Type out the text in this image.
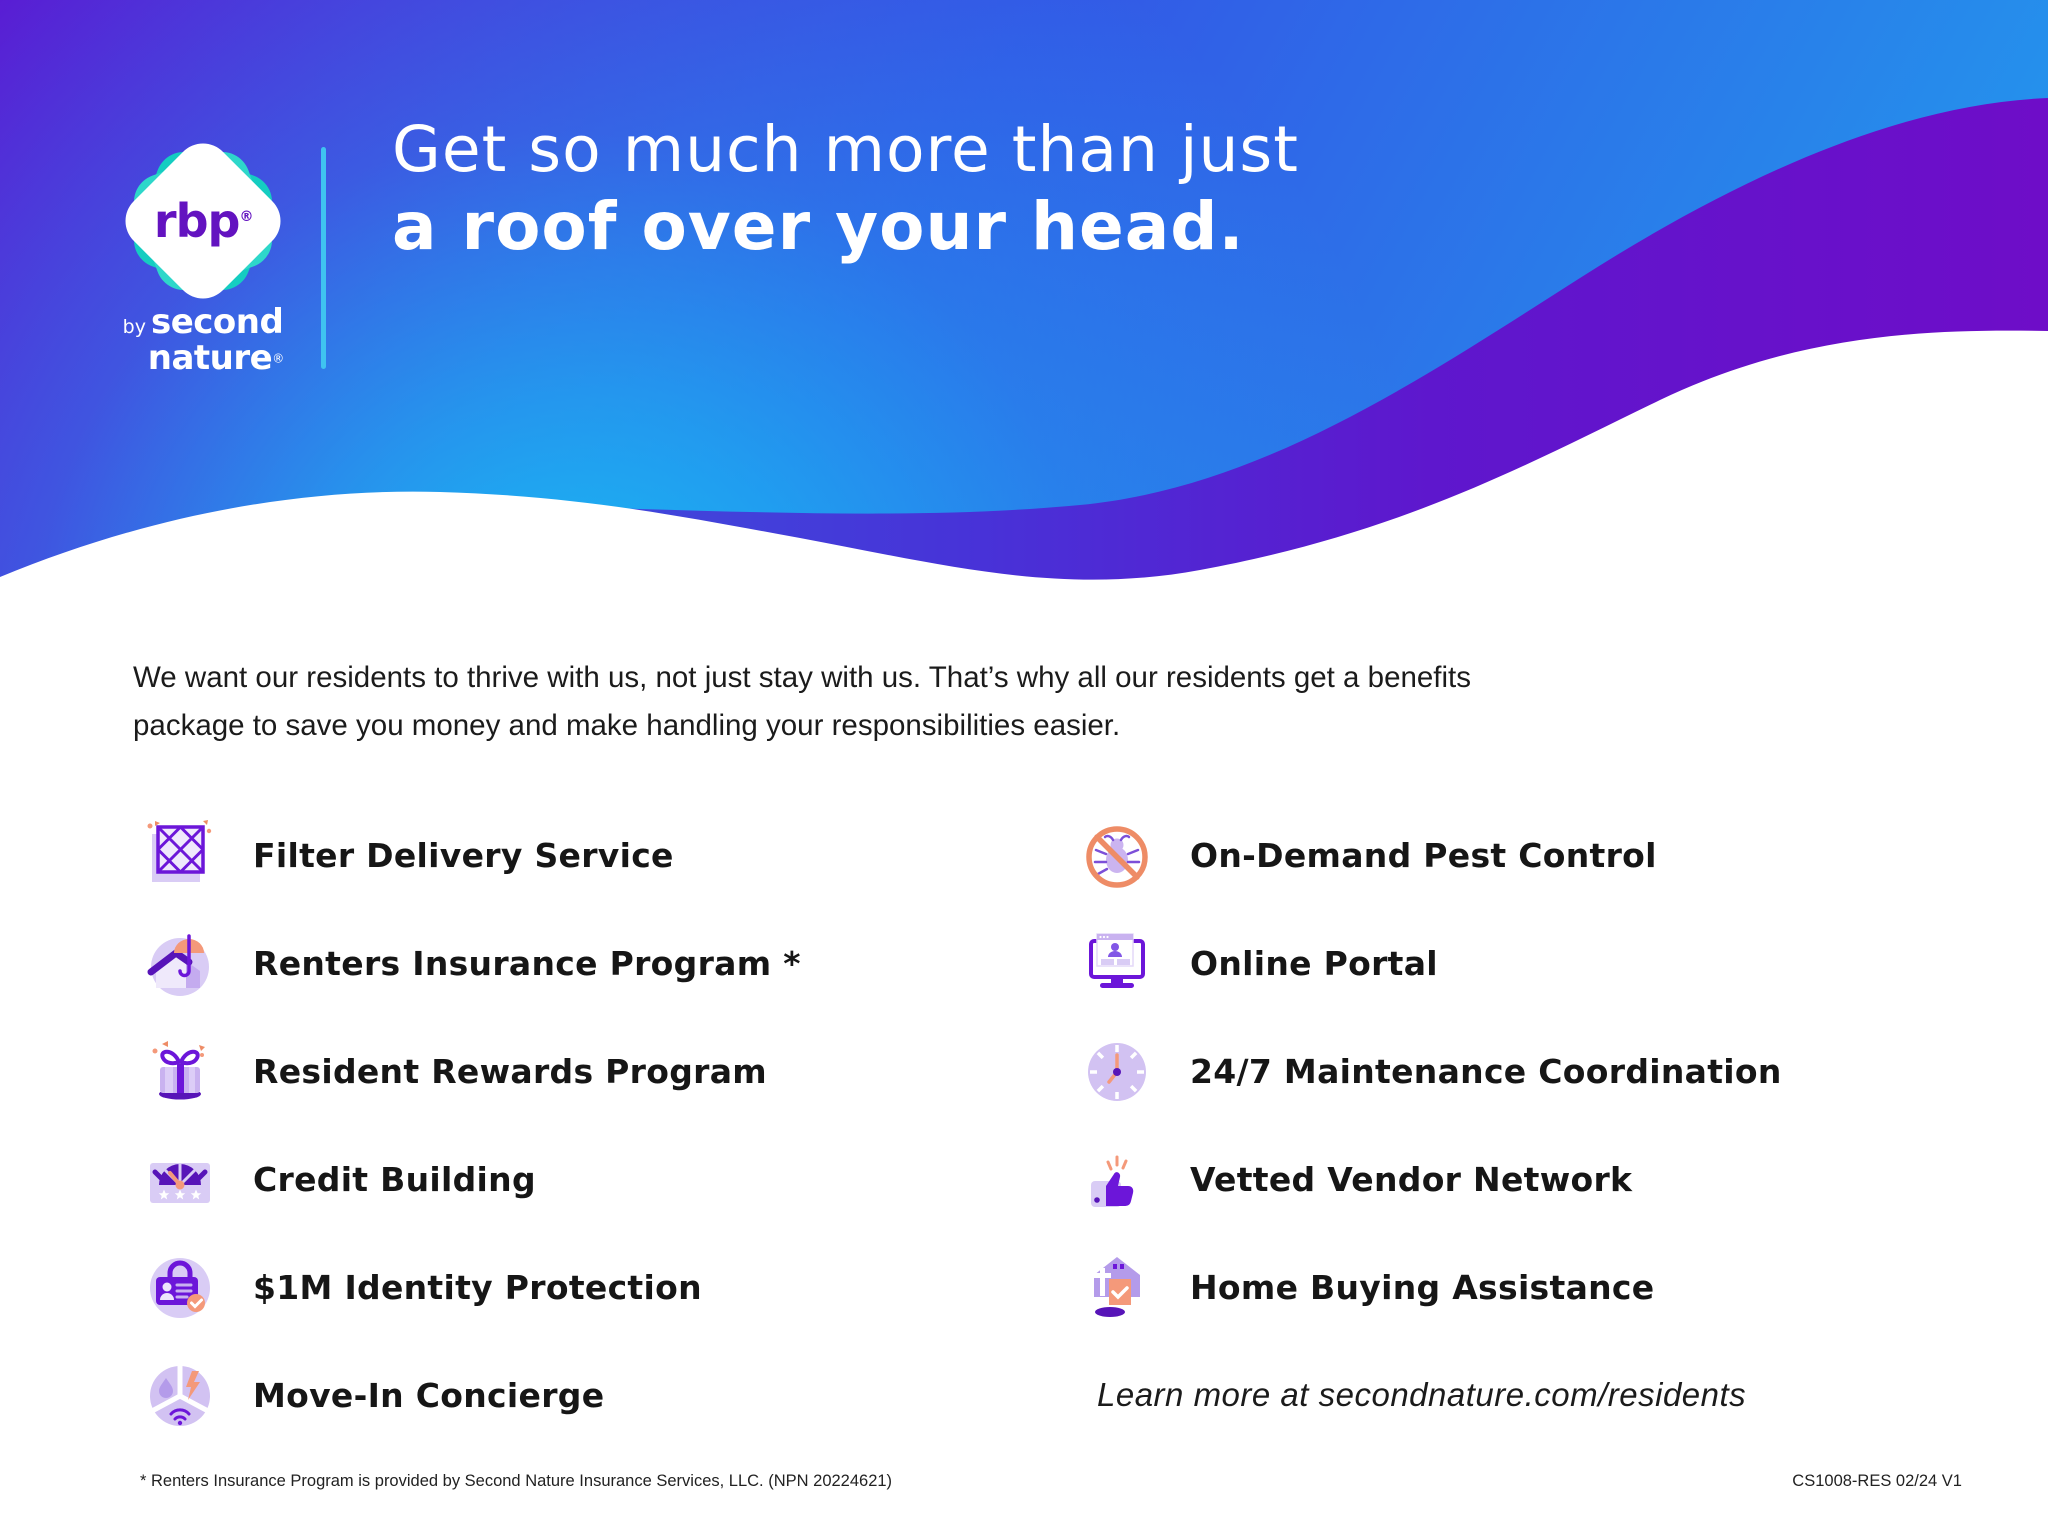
rbp®
by second
nature®
Get so much more than just
a roof over your head.
We want our residents to thrive with us, not just stay with us. That’s why all our residents get a benefits package to save you money and make handling your responsibilities easier.
Filter Delivery Service
Renters Insurance Program *
Resident Rewards Program
Credit Building
$1M Identity Protection
Move-In Concierge
On-Demand Pest Control
Online Portal
24/7 Maintenance Coordination
Vetted Vendor Network
Home Buying Assistance
Learn more at secondnature.com/residents
* Renters Insurance Program is provided by Second Nature Insurance Services, LLC. (NPN 20224621)	CS1008-RES 02/24 V1
